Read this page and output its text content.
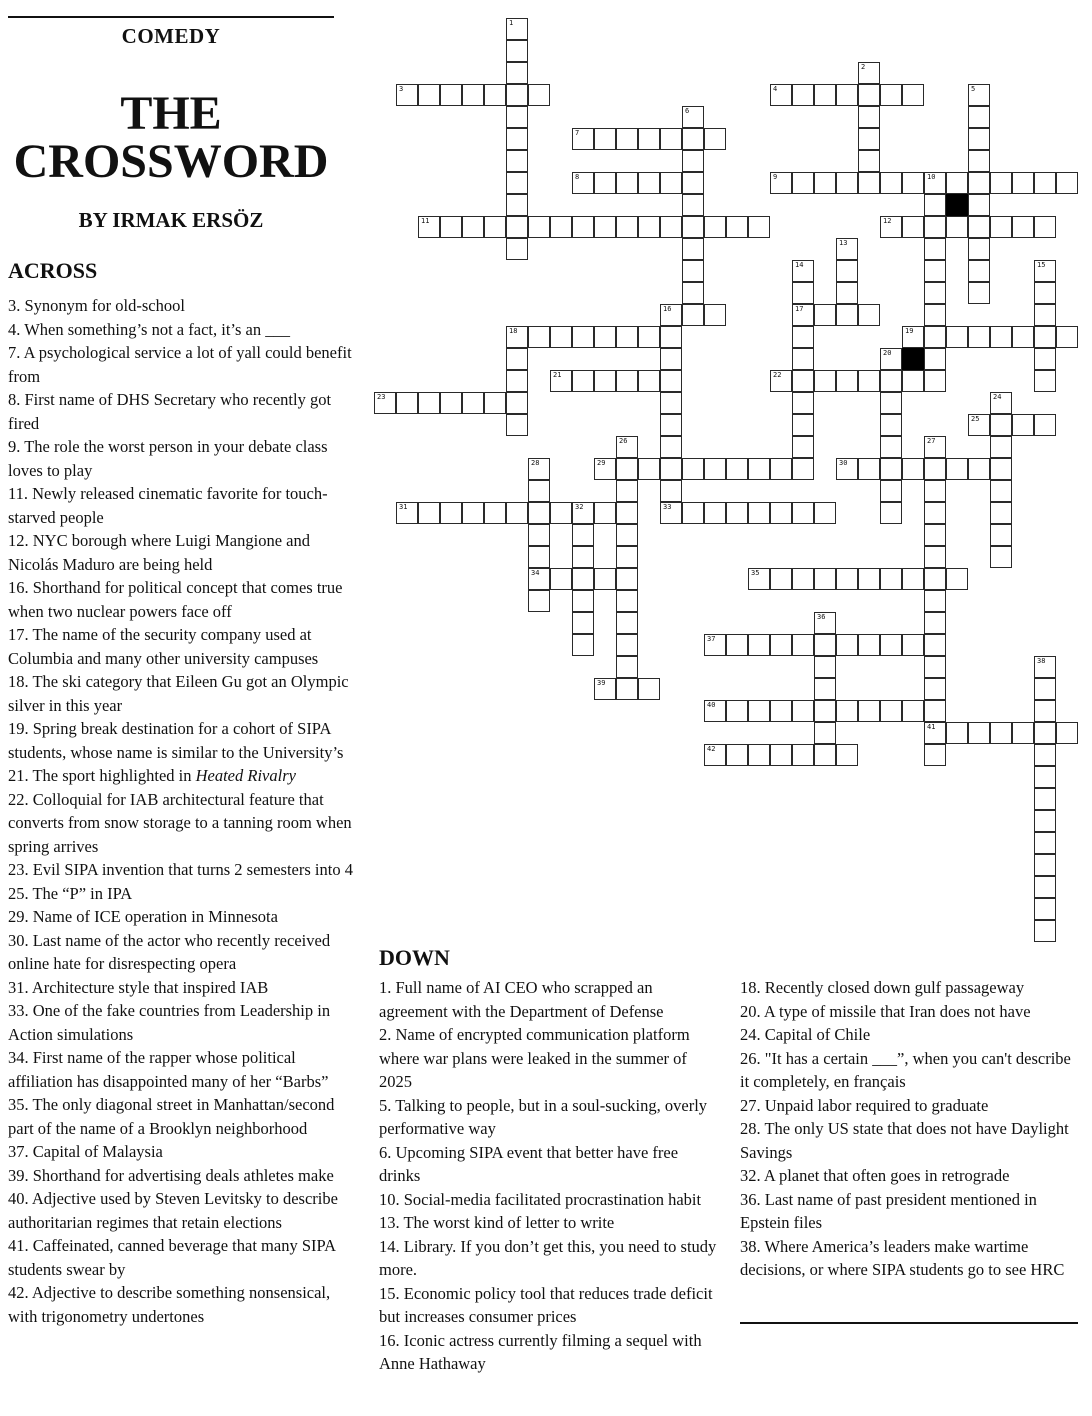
COMEDY
THE
CROSSWORD
BY IRMAK ERSÖZ
ACROSS
3. Synonym for old-school
4. When something’s not a fact, it’s an ___
7. A psychological service a lot of yall could benefit from
8. First name of DHS Secretary who recently got fired
9. The role the worst person in your debate class loves to play
11. Newly released cinematic favorite for touch-starved people
12. NYC borough where Luigi Mangione and Nicolás Maduro are being held
16. Shorthand for political concept that comes true when two nuclear powers face off
17. The name of the security company used at Columbia and many other university campuses
18. The ski category that Eileen Gu got an Olympic silver in this year
19. Spring break destination for a cohort of SIPA students, whose name is similar to the University’s
21. The sport highlighted in Heated Rivalry
22. Colloquial for IAB architectural feature that converts from snow storage to a tanning room when spring arrives
23. Evil SIPA invention that turns 2 semesters into 4
25. The “P” in IPA
29. Name of ICE operation in Minnesota
30. Last name of the actor who recently received online hate for disrespecting opera
31. Architecture style that inspired IAB
33. One of the fake countries from Leadership in Action simulations
34. First name of the rapper whose political affiliation has disappointed many of her “Barbs”
35. The only diagonal street in Manhattan/second part of the name of a Brooklyn neighborhood
37. Capital of Malaysia
39. Shorthand for advertising deals athletes make
40. Adjective used by Steven Levitsky to describe authoritarian regimes that retain elections
41. Caffeinated, canned beverage that many SIPA students swear by
42. Adjective to describe something nonsensical, with trigonometry undertones
3	4
7
8	9	10
11	12
16	17
18	19
21	22
23
25
29	30
31	32	33
34	35
37
39
40
41
42
1
2
5
6
13
14	15
20
24
26	27
28
36
38
DOWN
1. Full name of AI CEO who scrapped an agreement with the Department of Defense
2. Name of encrypted communication platform where war plans were leaked in the summer of 2025
5. Talking to people, but in a soul-sucking, overly performative way
6. Upcoming SIPA event that better have free drinks
10. Social-media facilitated procrastination habit
13. The worst kind of letter to write
14. Library. If you don’t get this, you need to study more.
15. Economic policy tool that reduces trade deficit but increases consumer prices
16. Iconic actress currently filming a sequel with Anne Hathaway
18. Recently closed down gulf passageway
20. A type of missile that Iran does not have
24. Capital of Chile
26. "It has a certain ___”, when you can't describe it completely, en français
27. Unpaid labor required to graduate
28. The only US state that does not have Daylight Savings
32. A planet that often goes in retrograde
36. Last name of past president mentioned in Epstein files
38. Where America’s leaders make wartime decisions, or where SIPA students go to see HRC
